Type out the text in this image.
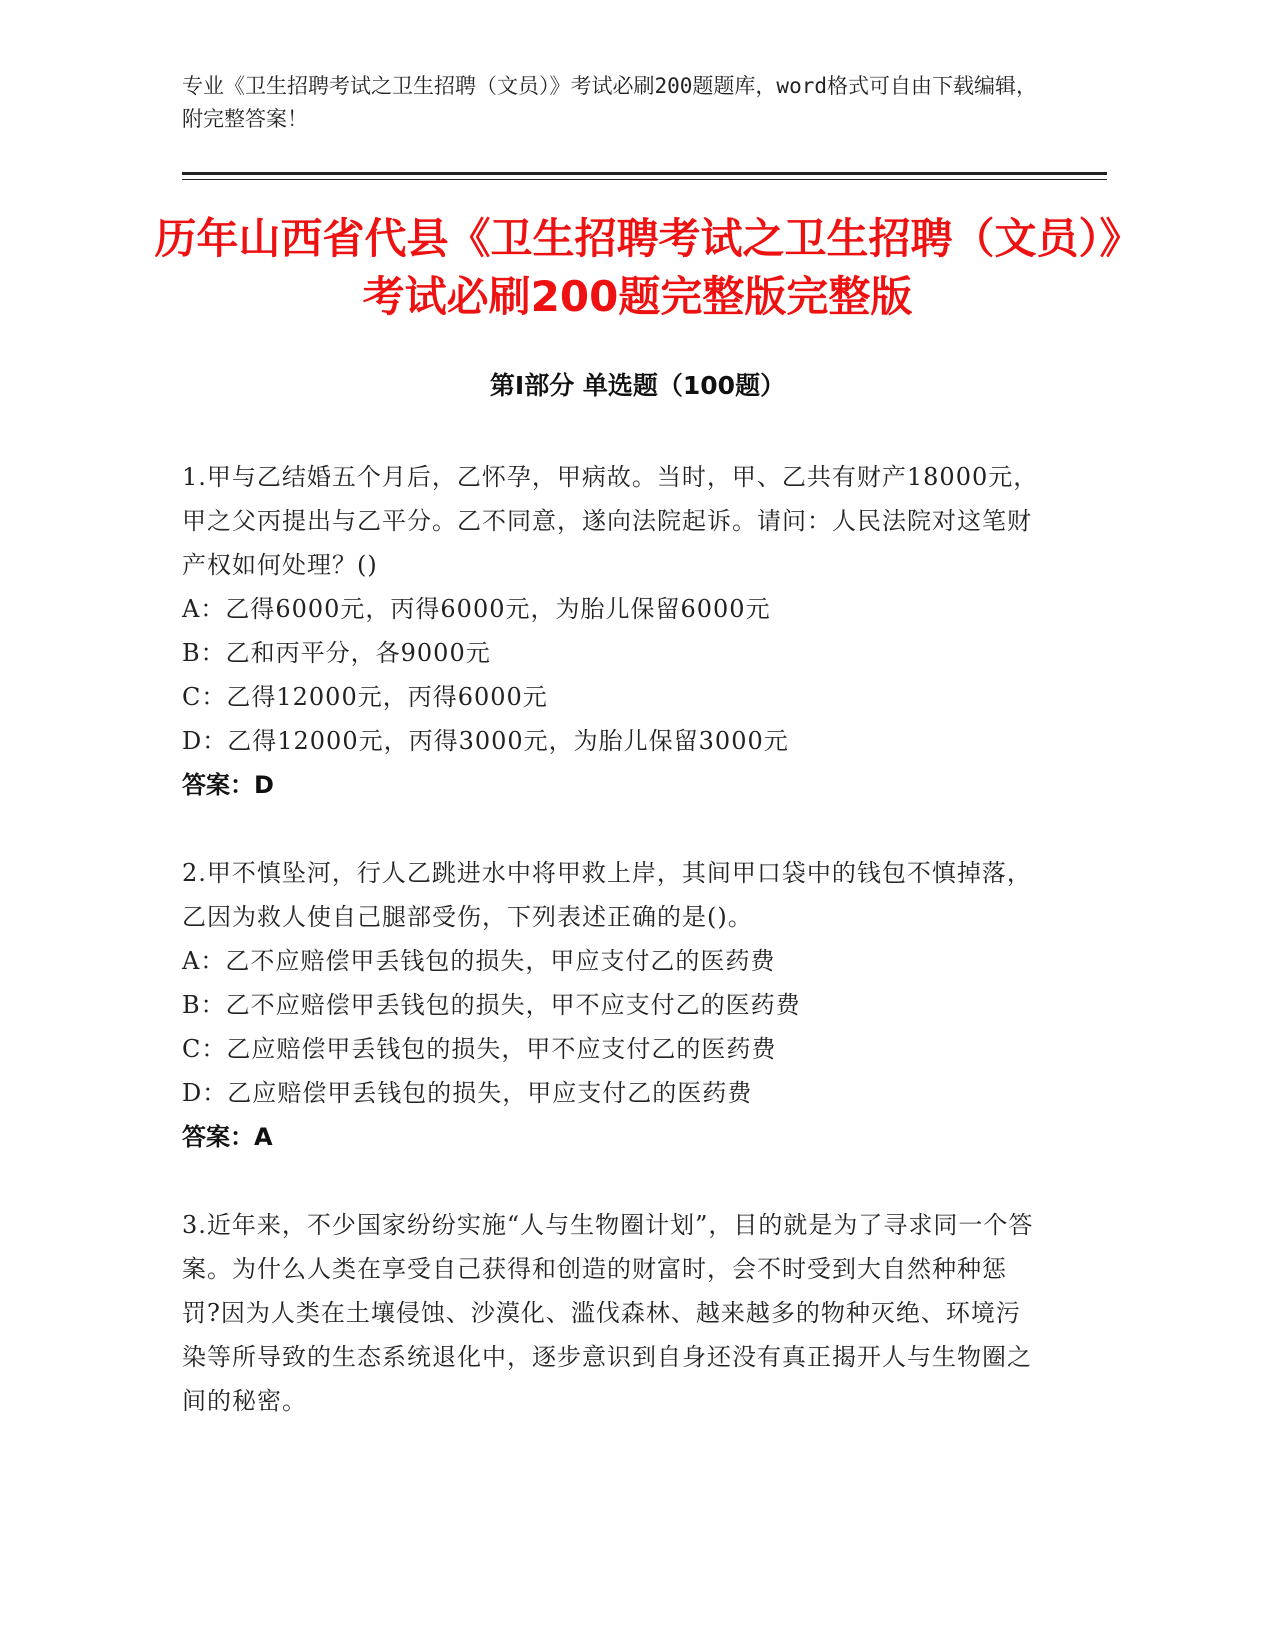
专业《卫生招聘考试之卫生招聘（文员）》考试必刷200题题库，word格式可自由下载编辑，附完整答案！
历年山西省代县《卫生招聘考试之卫生招聘（文员）》考试必刷200题完整版完整版
第Ⅰ部分 单选题（100题）
1.甲与乙结婚五个月后，乙怀孕，甲病故。当时，甲、乙共有财产18000元，甲之父丙提出与乙平分。乙不同意，遂向法院起诉。请问：人民法院对这笔财产权如何处理？()
A：乙得6000元，丙得6000元，为胎儿保留6000元
B：乙和丙平分，各9000元
C：乙得12000元，丙得6000元
D：乙得12000元，丙得3000元，为胎儿保留3000元
答案：D
2.甲不慎坠河，行人乙跳进水中将甲救上岸，其间甲口袋中的钱包不慎掉落，乙因为救人使自己腿部受伤，下列表述正确的是()。
A：乙不应赔偿甲丢钱包的损失，甲应支付乙的医药费
B：乙不应赔偿甲丢钱包的损失，甲不应支付乙的医药费
C：乙应赔偿甲丢钱包的损失，甲不应支付乙的医药费
D：乙应赔偿甲丢钱包的损失，甲应支付乙的医药费
答案：A
3.近年来，不少国家纷纷实施“人与生物圈计划”，目的就是为了寻求同一个答案。为什么人类在享受自己获得和创造的财富时，会不时受到大自然种种惩罚?因为人类在土壤侵蚀、沙漠化、滥伐森林、越来越多的物种灭绝、环境污染等所导致的生态系统退化中，逐步意识到自身还没有真正揭开人与生物圈之间的秘密。
